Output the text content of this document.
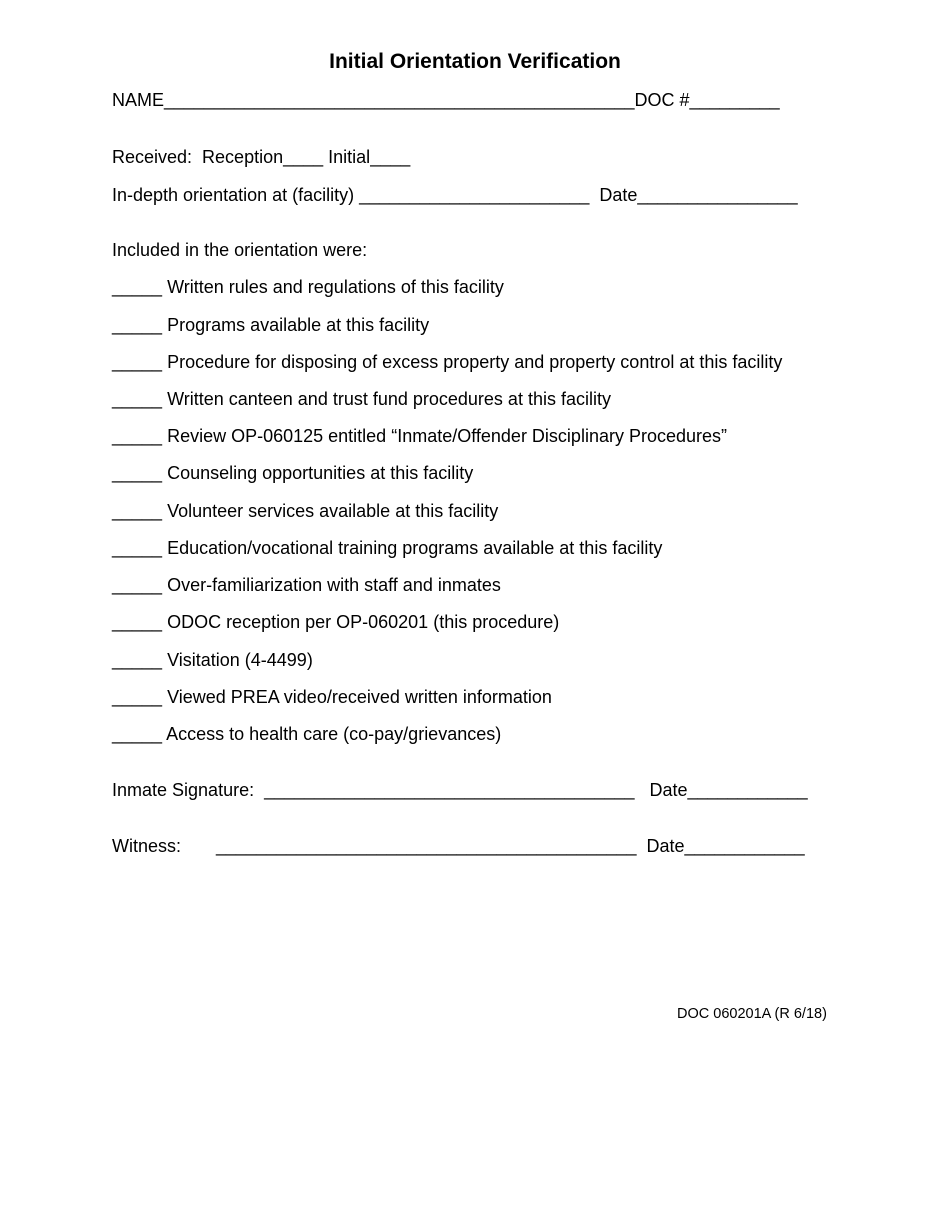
Initial Orientation Verification
NAME_______________________________________________DOC #_________
Received:  Reception____ Initial____
In-depth orientation at (facility) _______________________  Date________________
Included in the orientation were:
_____ Written rules and regulations of this facility
_____ Programs available at this facility
_____ Procedure for disposing of excess property and property control at this facility
_____ Written canteen and trust fund procedures at this facility
_____ Review OP-060125 entitled “Inmate/Offender Disciplinary Procedures”
_____ Counseling opportunities at this facility
_____ Volunteer services available at this facility
_____ Education/vocational training programs available at this facility
_____ Over-familiarization with staff and inmates
_____ ODOC reception per OP-060201 (this procedure)
_____ Visitation (4-4499)
_____ Viewed PREA video/received written information
_____ Access to health care (co-pay/grievances)
Inmate Signature:  _____________________________________   Date____________
Witness:       __________________________________________  Date____________
DOC 060201A (R 6/18)
